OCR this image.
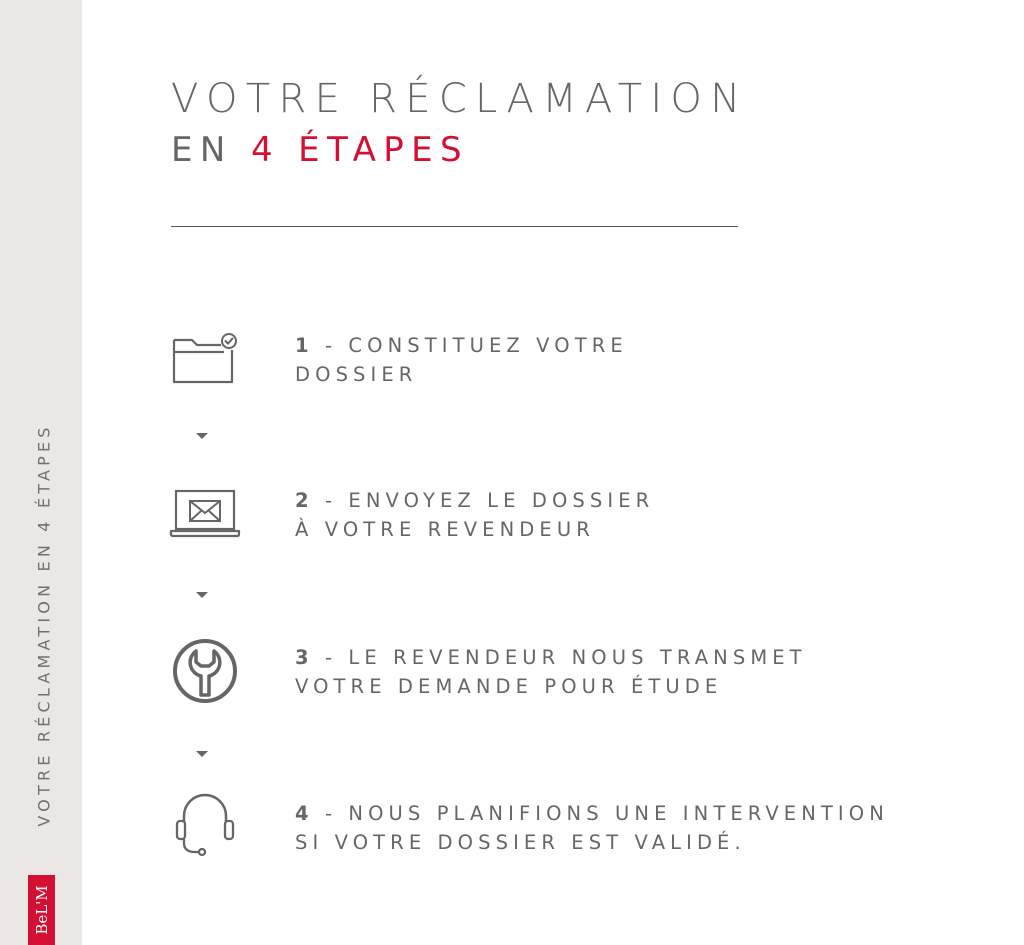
VOTRE RÉCLAMATION EN 4 ÉTAPES
BeL'M
VOTRE RÉCLAMATION
EN 4 ÉTAPES
1 - CONSTITUEZ VOTRE
DOSSIER
2 - ENVOYEZ LE DOSSIER
À VOTRE REVENDEUR
3 - LE REVENDEUR NOUS TRANSMET
VOTRE DEMANDE POUR ÉTUDE
4 - NOUS PLANIFIONS UNE INTERVENTION
SI VOTRE DOSSIER EST VALIDÉ.
